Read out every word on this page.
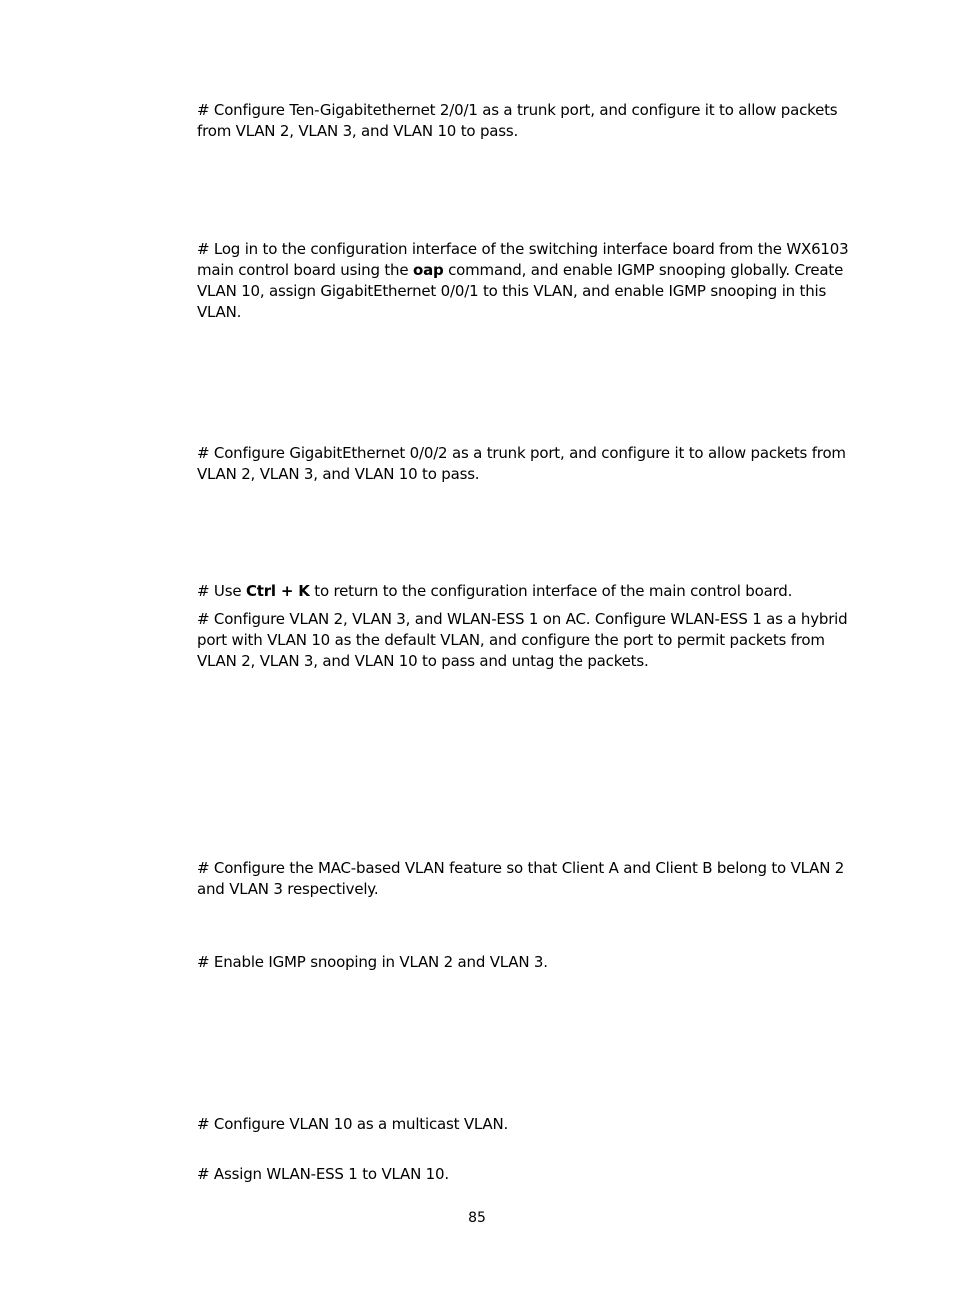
# Configure Ten-Gigabitethernet 2/0/1 as a trunk port, and configure it to allow packets from VLAN 2, VLAN 3, and VLAN 10 to pass.

# Log in to the configuration interface of the switching interface board from the WX6103 main control board using the oap command, and enable IGMP snooping globally. Create VLAN 10, assign GigabitEthernet 0/0/1 to this VLAN, and enable IGMP snooping in this VLAN.

# Configure GigabitEthernet 0/0/2 as a trunk port, and configure it to allow packets from VLAN 2, VLAN 3, and VLAN 10 to pass.

# Use Ctrl + K to return to the configuration interface of the main control board.

# Configure VLAN 2, VLAN 3, and WLAN-ESS 1 on AC. Configure WLAN-ESS 1 as a hybrid port with VLAN 10 as the default VLAN, and configure the port to permit packets from VLAN 2, VLAN 3, and VLAN 10 to pass and untag the packets.

# Configure the MAC-based VLAN feature so that Client A and Client B belong to VLAN 2 and VLAN 3 respectively.

# Enable IGMP snooping in VLAN 2 and VLAN 3.

# Configure VLAN 10 as a multicast VLAN.

# Assign WLAN-ESS 1 to VLAN 10.

85
